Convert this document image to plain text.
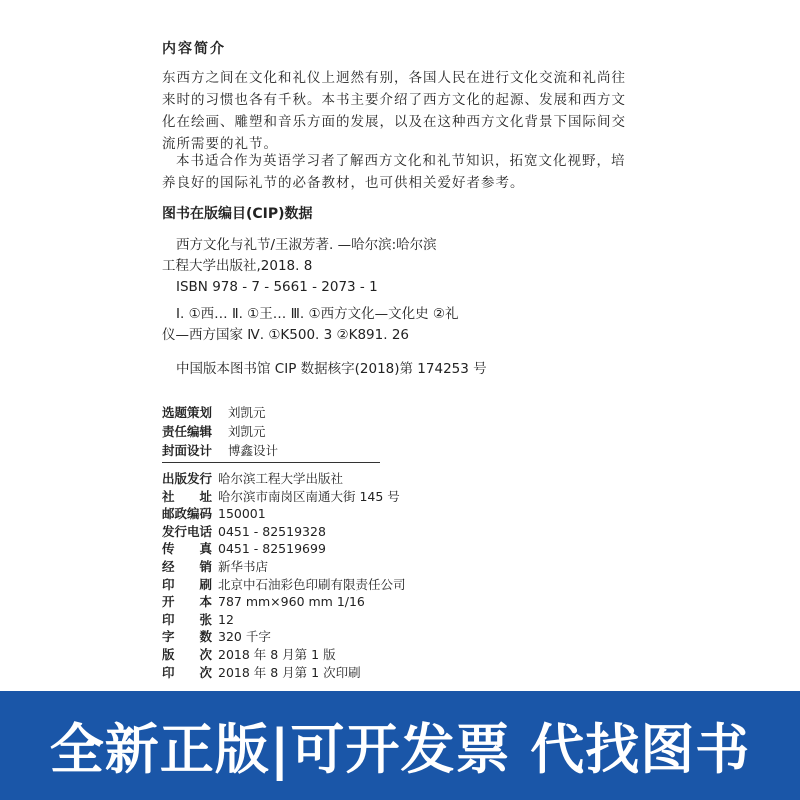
内容简介

东西方之间在文化和礼仪上迥然有别，各国人民在进行文化交流和礼尚往来时的习惯也各有千秋。本书主要介绍了西方文化的起源、发展和西方文化在绘画、雕塑和音乐方面的发展，以及在这种西方文化背景下国际间交流所需要的礼节。

本书适合作为英语学习者了解西方文化和礼节知识，拓宽文化视野，培养良好的国际礼节的必备教材，也可供相关爱好者参考。

图书在版编目(CIP)数据
西方文化与礼节/王淑芳著. —哈尔滨:哈尔滨
工程大学出版社,2018. 8
ISBN 978 - 7 - 5661 - 2073 - 1
Ⅰ. ①西… Ⅱ. ①王… Ⅲ. ①西方文化—文化史 ②礼
仪—西方国家 Ⅳ. ①K500. 3 ②K891. 26
中国版本图书馆 CIP 数据核字(2018)第 174253 号
选题策划	刘凯元
责任编辑	刘凯元
封面设计	博鑫设计
出版发行 哈尔滨工程大学出版社
社　　址 哈尔滨市南岗区南通大街 145 号
邮政编码 150001
发行电话 0451 - 82519328
传　　真 0451 - 82519699
经　　销 新华书店
印　　刷 北京中石油彩色印刷有限责任公司
开　　本 787 mm×960 mm 1/16
印　　张 12
字　　数 320 千字
版　　次 2018 年 8 月第 1 版
印　　次 2018 年 8 月第 1 次印刷
全新正版|可开发票 代找图书
